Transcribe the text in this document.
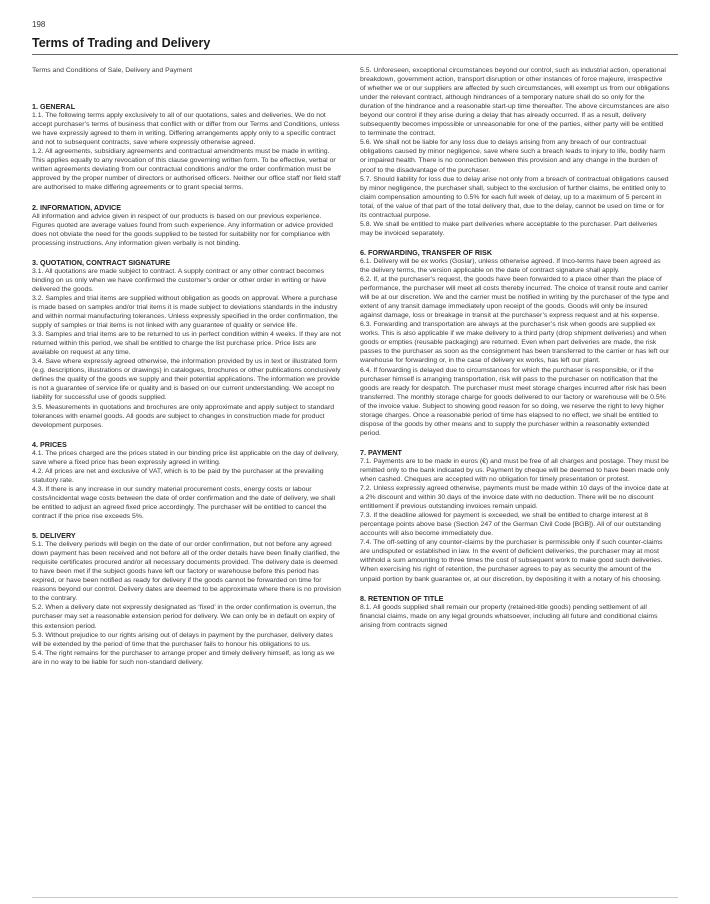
198
Terms of Trading and Delivery

Terms and Conditions of Sale, Delivery and Payment

1. GENERAL

1.1. The following terms apply exclusively to all of our quotations, sales and deliveries. We do not accept purchaser’s terms of business that conflict with or differ from our Terms and Conditions, unless we have expressly agreed to them in writing. Differing arrangements apply only to a specific contract and not to subsequent contracts, save where expressly otherwise agreed.

1.2. All agreements, subsidiary agreements and contractual amendments must be made in writing. This applies equally to any revocation of this clause governing written form. To be effective, verbal or written agreements deviating from our contractual conditions and/or the order confirmation must be approved by the proper number of directors or authorised officers. Neither our office staff nor field staff are authorised to make differing agreements or to grant special terms.

2. INFORMATION, ADVICE

All information and advice given in respect of our products is based on our previous experience. Figures quoted are average values found from such experience. Any information or advice provided does not obviate the need for the goods supplied to be tested for suitability nor for compliance with processing instructions. Any information given verbally is not binding.

3. QUOTATION, CONTRACT SIGNATURE

3.1. All quotations are made subject to contract. A supply contract or any other contract becomes binding on us only when we have confirmed the customer’s order or other order in writing or have delivered the goods.

3.2. Samples and trial items are supplied without obligation as goods on approval. Where a purchase is made based on samples and/or trial items it is made subject to deviations standards in the industry and within normal manufacturing tolerances. Unless expressly specified in the order confirmation, the supply of samples or trial items is not linked with any guarantee of quality or service life.

3.3. Samples and trial items are to be returned to us in perfect condition within 4 weeks. If they are not returned within this period, we shall be entitled to charge the list purchase price. Price lists are available on request at any time.

3.4. Save where expressly agreed otherwise, the information provided by us in text or illustrated form (e.g. descriptions, illustrations or drawings) in catalogues, brochures or other publications conclusively defines the quality of the goods we supply and their potential applications. The information we provide is not a guarantee of service life or quality and is based on our current understanding. We accept no liability for successful use of goods supplied.

3.5. Measurements in quotations and brochures are only approximate and apply subject to standard tolerances with enamel goods. All goods are subject to changes in construction made for product development purposes.

4. PRICES

4.1. The prices charged are the prices stated in our binding price list applicable on the day of delivery, save where a fixed price has been expressly agreed in writing.

4.2. All prices are net and exclusive of VAT, which is to be paid by the purchaser at the prevailing statutory rate.

4.3. If there is any increase in our sundry material procurement costs, energy costs or labour costs/incidental wage costs between the date of order confirmation and the date of delivery, we shall be entitled to adjust an agreed fixed price accordingly. The purchaser will be entitled to cancel the contract if the price rise exceeds 5%.

5. DELIVERY

5.1. The delivery periods will begin on the date of our order confirmation, but not before any agreed down payment has been received and not before all of the order details have been finally clarified, the requisite certificates procured and/or all necessary documents provided. The delivery date is deemed to have been met if the subject goods have left our factory or warehouse before this period has expired, or have been notified as ready for delivery if the goods cannot be forwarded on time for reasons beyond our control. Delivery dates are deemed to be approximate where there is no provision to the contrary.

5.2. When a delivery date not expressly designated as ‘fixed’ in the order confirmation is overrun, the purchaser may set a reasonable extension period for delivery. We can only be in default on expiry of this extension period.

5.3. Without prejudice to our rights arising out of delays in payment by the purchaser, delivery dates will be extended by the period of time that the purchaser fails to honour his obligations to us.

5.4. The right remains for the purchaser to arrange proper and timely delivery himself, as long as we are in no way to be liable for such non-standard delivery.

5.5. Unforeseen, exceptional circumstances beyond our control, such as industrial action, operational breakdown, government action, transport disruption or other instances of force majeure, irrespective of whether we or our suppliers are affected by such circumstances, will exempt us from our obligations under the relevant contract, although hindrances of a temporary nature shall do so only for the duration of the hindrance and a reasonable start-up time thereafter. The above circumstances are also beyond our control if they arise during a delay that has already occurred. If as a result, delivery subsequently becomes impossible or unreasonable for one of the parties, either party will be entitled to terminate the contract.

5.6. We shall not be liable for any loss due to delays arising from any breach of our contractual obligations caused by minor negligence, save where such a breach leads to injury to life, bodily harm or impaired health. There is no connection between this provision and any change in the burden of proof to the disadvantage of the purchaser.

5.7. Should liability for loss due to delay arise not only from a breach of contractual obligations caused by minor negligence, the purchaser shall, subject to the exclusion of further claims, be entitled only to claim compensation amounting to 0.5% for each full week of delay, up to a maximum of 5 percent in total, of the value of that part of the total delivery that, due to the delay, cannot be used on time or for its contractual purpose.

5.8. We shall be entitled to make part deliveries where acceptable to the purchaser. Part deliveries may be invoiced separately.

6. FORWARDING, TRANSFER OF RISK

6.1. Delivery will be ex works (Goslar), unless otherwise agreed. If Inco-terms have been agreed as the delivery terms, the version applicable on the date of contract signature shall apply.

6.2. If, at the purchaser’s request, the goods have been forwarded to a place other than the place of performance, the purchaser will meet all costs thereby incurred. The choice of transit route and carrier will be at our discretion. We and the carrier must be notified in writing by the purchaser of the type and extent of any transit damage immediately upon receipt of the goods. Goods will only be insured against damage, loss or breakage in transit at the purchaser’s express request and at his expense.

6.3. Forwarding and transportation are always at the purchaser’s risk when goods are supplied ex works. This is also applicable if we make delivery to a third party (drop shipment deliveries) and when goods or empties (reusable packaging) are returned. Even when part deliveries are made, the risk passes to the purchaser as soon as the consignment has been transferred to the carrier or has left our warehouse for forwarding or, in the case of delivery ex works, has left our plant.

6.4. If forwarding is delayed due to circumstances for which the purchaser is responsible, or if the purchaser himself is arranging transportation, risk will pass to the purchaser on notification that the goods are ready for despatch. The purchaser must meet storage charges incurred after risk has been transferred. The monthly storage charge for goods delivered to our factory or warehouse will be 0.5% of the invoice value. Subject to showing good reason for so doing, we reserve the right to levy higher storage charges. Once a reasonable period of time has elapsed to no effect, we shall be entitled to dispose of the goods by other means and to supply the purchaser within a reasonably extended period.

7. PAYMENT

7.1. Payments are to be made in euros (€) and must be free of all charges and postage. They must be remitted only to the bank indicated by us. Payment by cheque will be deemed to have been made only when cashed. Cheques are accepted with no obligation for timely presentation or protest.

7.2. Unless expressly agreed otherwise, payments must be made within 10 days of the invoice date at a 2% discount and within 30 days of the invoice date with no deduction. There will be no discount entitlement if previous outstanding invoices remain unpaid.

7.3. If the deadline allowed for payment is exceeded, we shall be entitled to charge interest at 8 percentage points above base (Section 247 of the German Civil Code [BGB]). All of our outstanding accounts will also become immediately due.

7.4. The off-setting of any counter-claims by the purchaser is permissible only if such counter-claims are undisputed or established in law. In the event of deficient deliveries, the purchaser may at most withhold a sum amounting to three times the cost of subsequent work to make good such deliveries. When exercising his right of retention, the purchaser agrees to pay as security the amount of the unpaid portion by bank guarantee or, at our discretion, by depositing it with a notary of his choosing.

8. RETENTION OF TITLE

8.1. All goods supplied shall remain our property (retained-title goods) pending settlement of all financial claims, made on any legal grounds whatsoever, including all future and conditional claims arising from contracts signed
